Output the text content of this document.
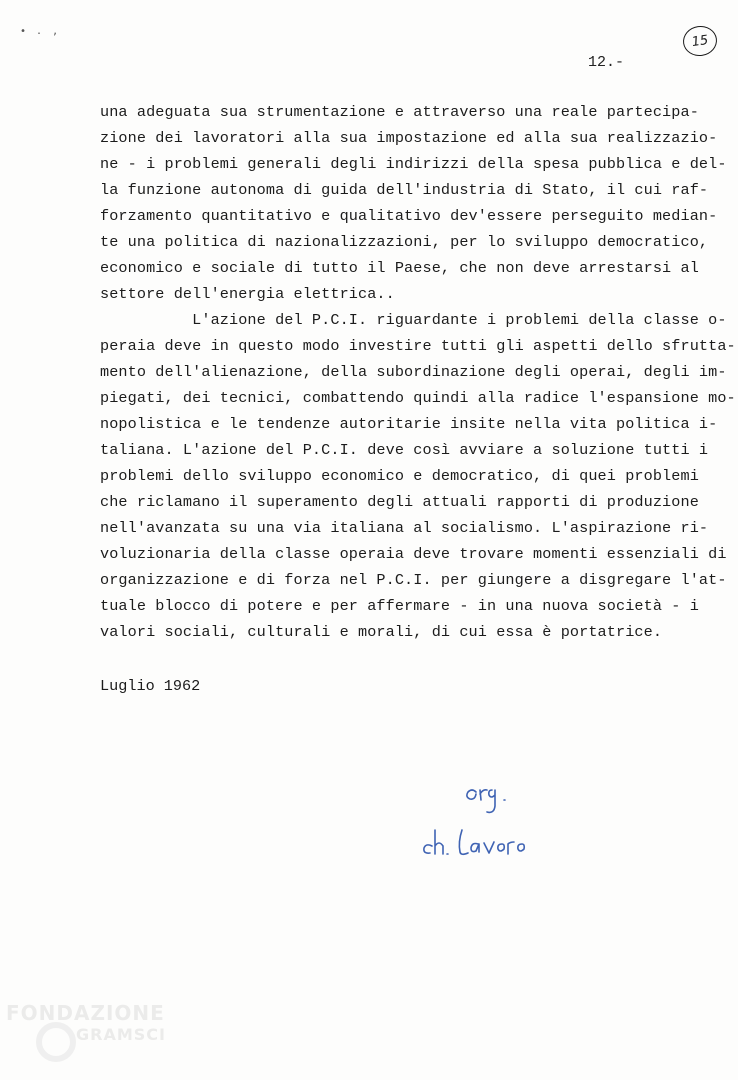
• . ,
12.-
15
una adeguata sua strumentazione e attraverso una reale partecipa-
zione dei lavoratori alla sua impostazione ed alla sua realizzazio-
ne - i problemi generali degli indirizzi della spesa pubblica e del-
la funzione autonoma di guida dell'industria di Stato, il cui raf-
forzamento quantitativo e qualitativo dev'essere perseguito median-
te una politica di nazionalizzazioni, per lo sviluppo democratico,
economico e sociale di tutto il Paese, che non deve arrestarsi al
settore dell'energia elettrica..
L'azione del P.C.I. riguardante i problemi della classe o-
peraia deve in questo modo investire tutti gli aspetti dello sfrutta-
mento dell'alienazione, della subordinazione degli operai, degli im-
piegati, dei tecnici, combattendo quindi alla radice l'espansione mo-
nopolistica e le tendenze autoritarie insite nella vita politica i-
taliana. L'azione del P.C.I. deve così avviare a soluzione tutti i
problemi dello sviluppo economico e democratico, di quei problemi
che riclamano il superamento degli attuali rapporti di produzione
nell'avanzata su una via italiana al socialismo. L'aspirazione ri-
voluzionaria della classe operaia deve trovare momenti essenziali di
organizzazione e di forza nel P.C.I. per giungere a disgregare l'at-
tuale blocco di potere e per affermare - in una nuova società - i
valori sociali, culturali e morali, di cui essa è portatrice.
Luglio 1962
FONDAZIONE
GRAMSCI
